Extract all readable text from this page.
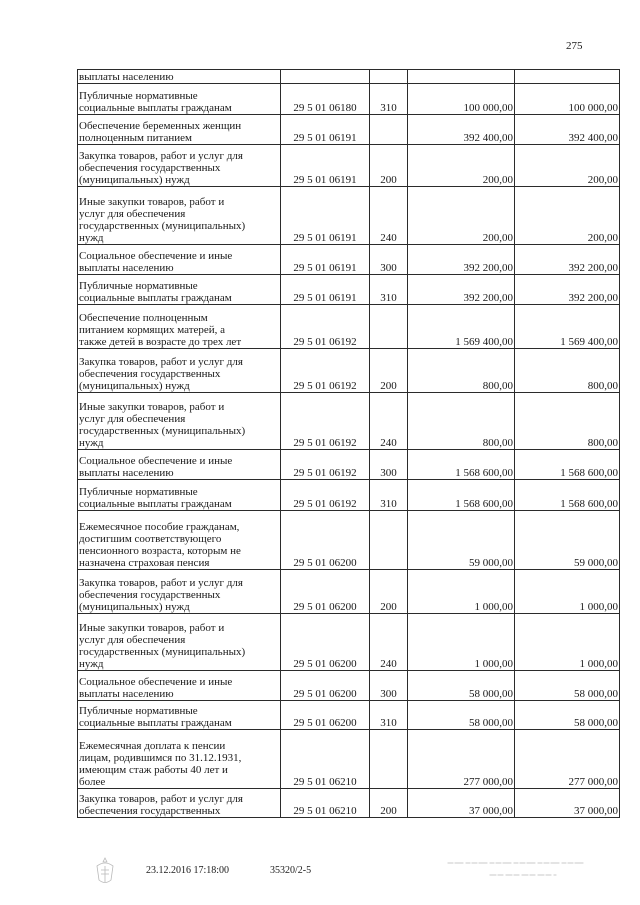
275
выплаты населению				

Публичные нормативные
социальные выплаты гражданам	29 5 01 06180	310	100 000,00	100 000,00

Обеспечение беременных женщин
полноценным питанием	29 5 01 06191		392 400,00	392 400,00

Закупка товаров, работ и услуг для
обеспечения государственных
(муниципальных) нужд	29 5 01 06191	200	200,00	200,00

Иные закупки товаров, работ и
услуг для обеспечения
государственных (муниципальных)
нужд	29 5 01 06191	240	200,00	200,00

Социальное обеспечение и иные
выплаты населению	29 5 01 06191	300	392 200,00	392 200,00

Публичные нормативные
социальные выплаты гражданам	29 5 01 06191	310	392 200,00	392 200,00

Обеспечение полноценным
питанием кормящих матерей, а
также детей в возрасте до трех лет	29 5 01 06192		1 569 400,00	1 569 400,00

Закупка товаров, работ и услуг для
обеспечения государственных
(муниципальных) нужд	29 5 01 06192	200	800,00	800,00

Иные закупки товаров, работ и
услуг для обеспечения
государственных (муниципальных)
нужд	29 5 01 06192	240	800,00	800,00

Социальное обеспечение и иные
выплаты населению	29 5 01 06192	300	1 568 600,00	1 568 600,00

Публичные нормативные
социальные выплаты гражданам	29 5 01 06192	310	1 568 600,00	1 568 600,00

Ежемесячное пособие гражданам,
достигшим соответствующего
пенсионного возраста, которым не
назначена страховая пенсия	29 5 01 06200		59 000,00	59 000,00

Закупка товаров, работ и услуг для
обеспечения государственных
(муниципальных) нужд	29 5 01 06200	200	1 000,00	1 000,00

Иные закупки товаров, работ и
услуг для обеспечения
государственных (муниципальных)
нужд	29 5 01 06200	240	1 000,00	1 000,00

Социальное обеспечение и иные
выплаты населению	29 5 01 06200	300	58 000,00	58 000,00

Публичные нормативные
социальные выплаты гражданам	29 5 01 06200	310	58 000,00	58 000,00

Ежемесячная доплата к пенсии
лицам, родившимся по 31.12.1931,
имеющим стаж работы 40 лет и
более	29 5 01 06210		277 000,00	277 000,00

Закупка товаров, работ и услуг для
обеспечения государственных	29 5 01 06210	200	37 000,00	37 000,00
23.12.2016 17:18:00	35320/2-5
